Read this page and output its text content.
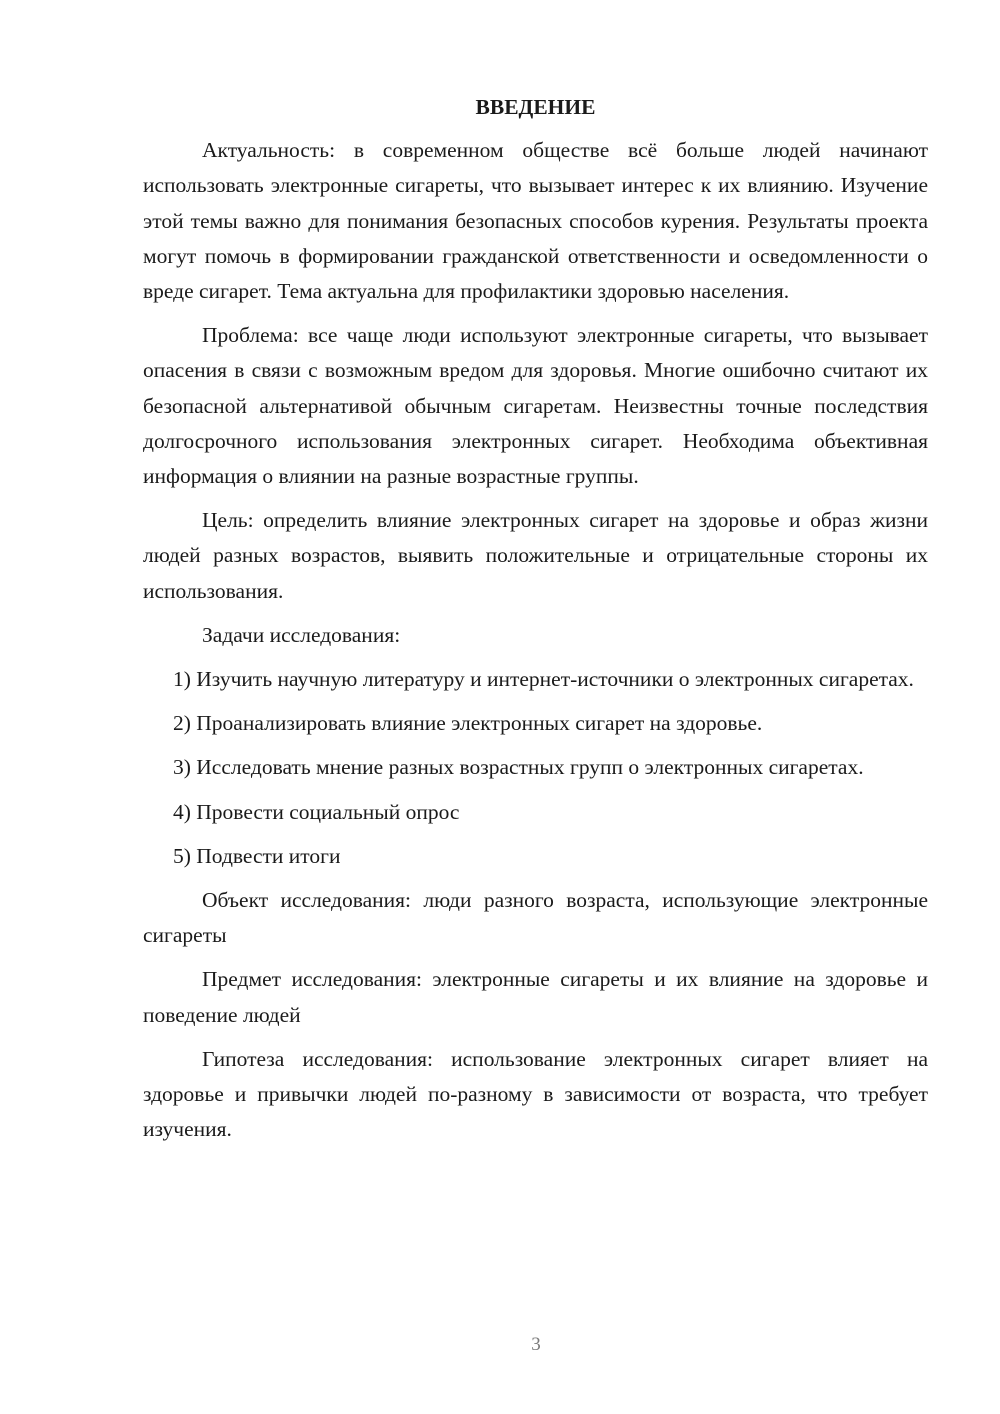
ВВЕДЕНИЕ

Актуальность: в современном обществе всё больше людей начинают использовать электронные сигареты, что вызывает интерес к их влиянию. Изучение этой темы важно для понимания безопасных способов курения. Результаты проекта могут помочь в формировании гражданской ответственности и осведомленности о вреде сигарет. Тема актуальна для профилактики здоровью населения.

Проблема: все чаще люди используют электронные сигареты, что вызывает опасения в связи с возможным вредом для здоровья. Многие ошибочно считают их безопасной альтернативой обычным сигаретам. Неизвестны точные последствия долгосрочного использования электронных сигарет. Необходима объективная информация о влиянии на разные возрастные группы.

Цель: определить влияние электронных сигарет на здоровье и образ жизни людей разных возрастов, выявить положительные и отрицательные стороны их использования.

Задачи исследования:

1) Изучить научную литературу и интернет-источники о электронных сигаретах.

2) Проанализировать влияние электронных сигарет на здоровье.

3) Исследовать мнение разных возрастных групп о электронных сигаретах.

4) Провести социальный опрос

5) Подвести итоги

Объект исследования: люди разного возраста, использующие электронные сигареты

Предмет исследования: электронные сигареты и их влияние на здоровье и поведение людей

Гипотеза исследования: использование электронных сигарет влияет на здоровье и привычки людей по-разному в зависимости от возраста, что требует изучения.

3
